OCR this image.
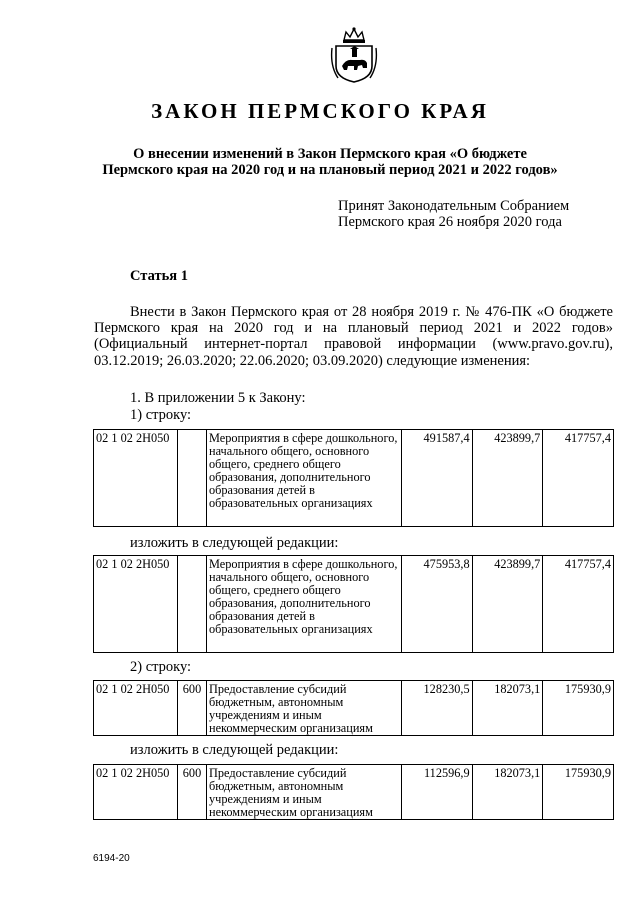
ЗАКОН ПЕРМСКОГО КРАЯ
О внесении изменений в Закон Пермского края «О бюджете
Пермского края на 2020 год и на плановый период 2021 и 2022 годов»
Принят Законодательным Собранием
Пермского края 26 ноября 2020 года
Статья 1

Внести в Закон Пермского края от 28 ноября 2019 г. № 476-ПК «О бюджете Пермского края на 2020 год и на плановый период 2021 и 2022 годов» (Официальный интернет-портал правовой информации (www.pravo.gov.ru), 03.12.2019; 26.03.2020; 22.06.2020; 03.09.2020) следующие изменения:

1. В приложении 5 к Закону:
1) строку:
02 1 02 2Н050		Мероприятия в сфере дошкольного, начального общего, основного общего, среднего общего образования, дополнительного образования детей в образовательных организациях	491587,4	423899,7	417757,4
изложить в следующей редакции:
02 1 02 2Н050		Мероприятия в сфере дошкольного, начального общего, основного общего, среднего общего образования, дополнительного образования детей в образовательных организациях	475953,8	423899,7	417757,4
2) строку:
02 1 02 2Н050	600	Предоставление субсидий бюджетным, автономным учреждениям и иным некоммерческим организациям	128230,5	182073,1	175930,9
изложить в следующей редакции:
02 1 02 2Н050	600	Предоставление субсидий бюджетным, автономным учреждениям и иным некоммерческим организациям	112596,9	182073,1	175930,9
6194-20
